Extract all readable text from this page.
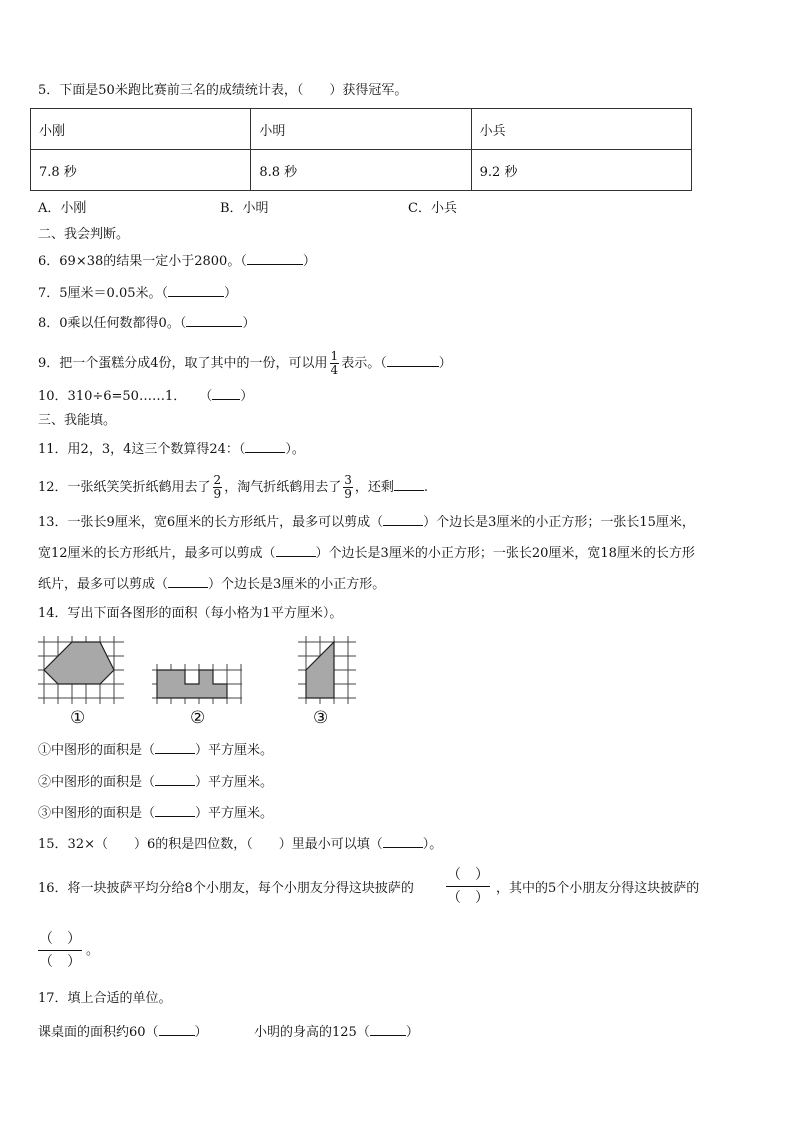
5．下面是50米跑比赛前三名的成绩统计表，（　　）获得冠军。
小刚	小明	小兵
7.8 秒	8.8 秒	9.2 秒
A．小刚	B．小明	C．小兵
二、我会判断。
6．69×38的结果一定小于2800。（	）
7．5厘米＝0.05米。（	）
8．0乘以任何数都得0。（	）
9．把一个蛋糕分成4份，取了其中的一份，可以用 $\frac{1}{4}$ 表示。（	）
10．310÷6=50……1．　　（ ）
三、我能填。
11．用2，3，4这三个数算得24：（	）。
12．一张纸笑笑折纸鹤用去了 $\frac{2}{9}$ ，淘气折纸鹤用去了 $\frac{3}{9}$ ，还剩 .
13．一张长9厘米，宽6厘米的长方形纸片，最多可以剪成（	）个边长是3厘米的小正方形；一张长15厘米，
宽12厘米的长方形纸片，最多可以剪成（	）个边长是3厘米的小正方形；一张长20厘米，宽18厘米的长方形
纸片，最多可以剪成（	）个边长是3厘米的小正方形。
14．写出下面各图形的面积（每小格为1平方厘米）。
①	②	③
①中图形的面积是（	）平方厘米。
②中图形的面积是（	）平方厘米。
③中图形的面积是（	）平方厘米。
15．32×（　　）6的积是四位数，（　　）里最小可以填（	）。
16．将一块披萨平均分给8个小朋友，每个小朋友分得这块披萨的
（　 ）
（　 ）
，其中的5个小朋友分得这块披萨的
（　 ）
（　 ）
。
17．填上合适的单位。
课桌面的面积约60（	）	小明的身高的125（	）
